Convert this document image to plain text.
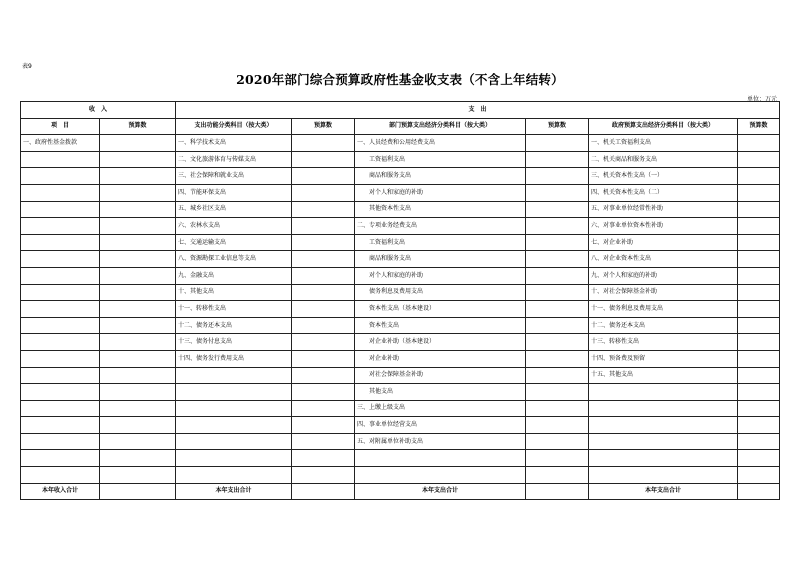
表9
2020年部门综合预算政府性基金收支表（不含上年结转）
单位：万元
收　入		支　出					
项　目	预算数	支出功能分类科目（按大类）	预算数	部门预算支出经济分类科目（按大类）	预算数	政府预算支出经济分类科目（按大类）	预算数
一、政府性基金拨款		一、科学技术支出		一、人员经费和公用经费支出		一、机关工资福利支出	
		二、文化旅游体育与传媒支出		工资福利支出		二、机关商品和服务支出	
		三、社会保障和就业支出		商品和服务支出		三、机关资本性支出（一）	
		四、节能环保支出		对个人和家庭的补助		四、机关资本性支出（二）	
		五、城乡社区支出		其他资本性支出		五、对事业单位经常性补助	
		六、农林水支出		二、专项业务经费支出		六、对事业单位资本性补助	
		七、交通运输支出		工资福利支出		七、对企业补助	
		八、资源勘探工业信息等支出		商品和服务支出		八、对企业资本性支出	
		九、金融支出		对个人和家庭的补助		九、对个人和家庭的补助	
		十、其他支出		债务利息及费用支出		十、对社会保障基金补助	
		十一、转移性支出		资本性支出（基本建设）		十一、债务利息及费用支出	
		十二、债务还本支出		资本性支出		十二、债务还本支出	
		十三、债务付息支出		对企业补助（基本建设）		十三、转移性支出	
		十四、债务发行费用支出		对企业补助		十四、预备费及预留	
				对社会保障基金补助		十五、其他支出	
				其他支出			
				三、上缴上级支出			
				四、事业单位经营支出			
				五、对附属单位补助支出			

本年收入合计		本年支出合计		本年支出合计		本年支出合计	
